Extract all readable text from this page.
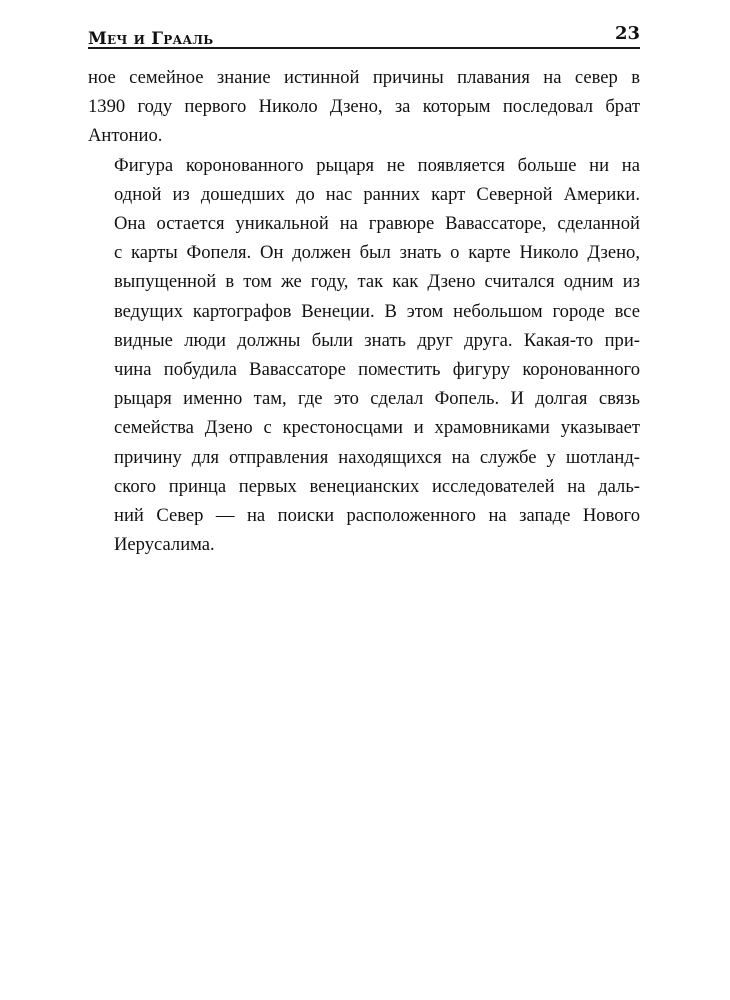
Меч и Грааль	23

ное семейное знание истинной причины плавания на север в
1390 году первого Николо Дзено, за которым последовал брат
Антонио.

Фигура коронованного рыцаря не появляется больше ни на
одной из дошедших до нас ранних карт Северной Америки.
Она остается уникальной на гравюре Вавассаторе, сделанной
с карты Фопеля. Он должен был знать о карте Николо Дзено,
выпущенной в том же году, так как Дзено считался одним из
ведущих картографов Венеции. В этом небольшом городе все
видные люди должны были знать друг друга. Какая-то при-
чина побудила Вавассаторе поместить фигуру коронованного
рыцаря именно там, где это сделал Фопель. И долгая связь
семейства Дзено с крестоносцами и храмовниками указывает
причину для отправления находящихся на службе у шотланд-
ского принца первых венецианских исследователей на даль-
ний Север — на поиски расположенного на западе Нового
Иерусалима.
